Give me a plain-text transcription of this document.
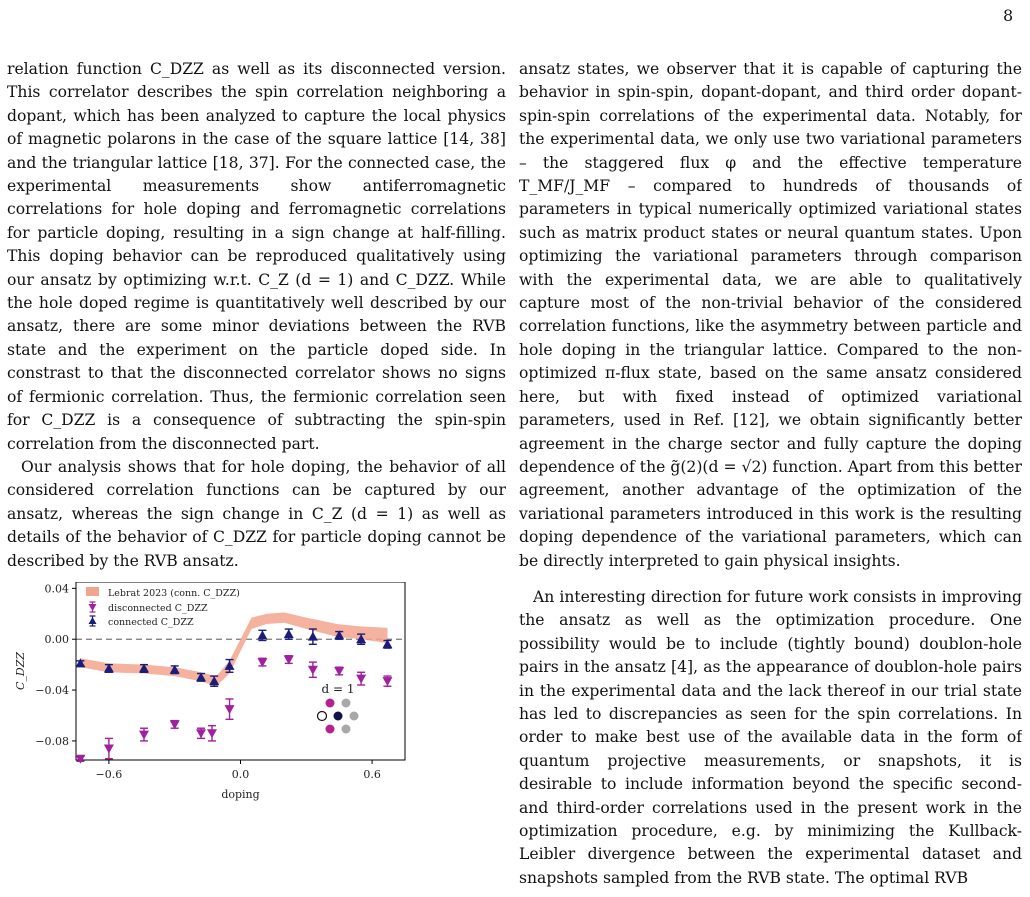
8

relation function C_DZZ as well as its disconnected version. This correlator describes the spin correlation neighboring a dopant, which has been analyzed to capture the local physics of magnetic polarons in the case of the square lattice [14, 38] and the triangular lattice [18, 37]. For the connected case, the experimental measurements show antiferromagnetic correlations for hole doping and ferromagnetic correlations for particle doping, resulting in a sign change at half-filling. This doping behavior can be reproduced qualitatively using our ansatz by optimizing w.r.t. C_Z (d = 1) and C_DZZ. While the hole doped regime is quantitatively well described by our ansatz, there are some minor deviations between the RVB state and the experiment on the particle doped side. In constrast to that the disconnected correlator shows no signs of fermionic correlation. Thus, the fermionic correlation seen for C_DZZ is a consequence of subtracting the spin-spin correlation from the disconnected part.

Our analysis shows that for hole doping, the behavior of all considered correlation functions can be captured by our ansatz, whereas the sign change in C_Z (d = 1) as well as details of the behavior of C_DZZ for particle doping cannot be described by the RVB ansatz.

ansatz states, we observer that it is capable of capturing the behavior in spin-spin, dopant-dopant, and third order dopant-spin-spin correlations of the experimental data. Notably, for the experimental data, we only use two variational parameters – the staggered flux φ and the effective temperature T_MF/J_MF – compared to hundreds of thousands of parameters in typical numerically optimized variational states such as matrix product states or neural quantum states. Upon optimizing the variational parameters through comparison with the experimental data, we are able to qualitatively capture most of the non-trivial behavior of the considered correlation functions, like the asymmetry between particle and hole doping in the triangular lattice. Compared to the non-optimized π-flux state, based on the same ansatz considered here, but with fixed instead of optimized variational parameters, used in Ref. [12], we obtain significantly better agreement in the charge sector and fully capture the doping dependence of the g̃(2)(d = √2) function. Apart from this better agreement, another advantage of the optimization of the variational parameters introduced in this work is the resulting doping dependence of the variational parameters, which can be directly interpreted to gain physical insights.

An interesting direction for future work consists in improving the ansatz as well as the optimization procedure. One possibility would be to include (tightly bound) doublon-hole pairs in the ansatz [4], as the appearance of doublon-hole pairs in the experimental data and the lack thereof in our trial state has led to discrepancies as seen for the spin correlations. In order to make best use of the available data in the form of quantum projective measurements, or snapshots, it is desirable to include information beyond the specific second- and third-order correlations used in the present work in the optimization procedure, e.g. by minimizing the Kullback-Leibler divergence between the experimental dataset and snapshots sampled from the RVB state. The optimal RVB

−0.6	0.0	0.6
0.04
0.00
−0.04
−0.08
doping
C_DZZ
Lebrat 2023 (conn. C_DZZ)
disconnected C_DZZ
connected C_DZZ
d = 1
